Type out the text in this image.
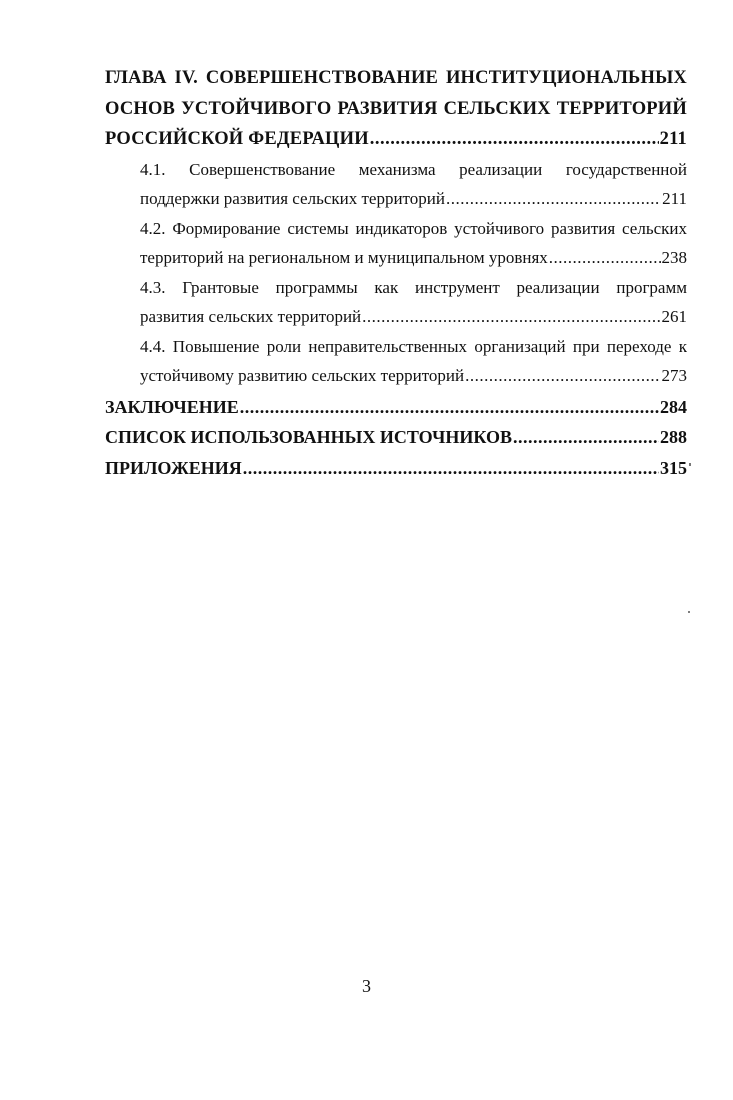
ГЛАВА IV. СОВЕРШЕНСТВОВАНИЕ ИНСТИТУЦИОНАЛЬНЫХ
ОСНОВ УСТОЙЧИВОГО РАЗВИТИЯ СЕЛЬСКИХ ТЕРРИТОРИЙ
РОССИЙСКОЙ ФЕДЕРАЦИИ .....	211
4.1. Совершенствование механизма реализации государственной
поддержки развития сельских территорий .....	211
4.2. Формирование системы индикаторов устойчивого развития сельских
территорий на региональном и муниципальном уровнях .....	238
4.3. Грантовые программы как инструмент реализации программ
развития сельских территорий .....	261
4.4. Повышение роли неправительственных организаций при переходе к
устойчивому развитию сельских территорий .....	273
ЗАКЛЮЧЕНИЕ .....	284
СПИСОК ИСПОЛЬЗОВАННЫХ ИСТОЧНИКОВ .....	288
ПРИЛОЖЕНИЯ .....	315
3
